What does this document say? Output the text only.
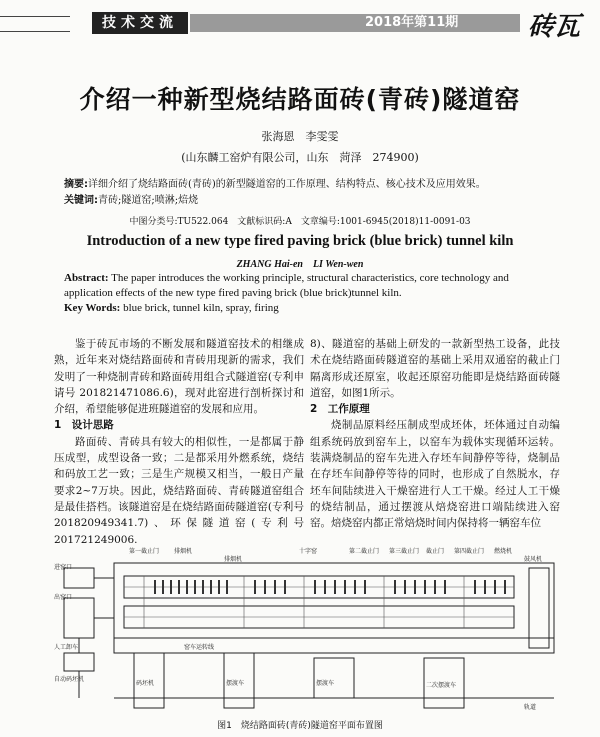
技术交流	2018年第11期	砖瓦
介绍一种新型烧结路面砖(青砖)隧道窑
张海恩　李雯雯
(山东麟工窑炉有限公司，山东　菏泽　274900)
摘要:详细介绍了烧结路面砖(青砖)的新型隧道窑的工作原理、结构特点、核心技术及应用效果。
关键词:青砖;隧道窑;喷淋;焙烧
中图分类号:TU522.064　文献标识码:A　文章编号:1001-6945(2018)11-0091-03
Introduction of a new type fired paving brick (blue brick) tunnel kiln
ZHANG Hai-en　LI Wen-wen
Abstract: The paper introduces the working principle, structural characteristics, core technology and application effects of the new type fired paving brick (blue brick)tunnel kiln.
Key Words: blue brick, tunnel kiln, spray, firing

鉴于砖瓦市场的不断发展和隧道窑技术的相继成熟，近年来对烧结路面砖和青砖用现新的需求，我们发明了一种烧制青砖和路面砖用组合式隧道窑(专利申请号 201821471086.6)，现对此窑进行剖析探讨和介绍，希望能够促进班隧道窑的发展和应用。

1　设计思路

路面砖、青砖具有较大的相似性，一是都属于静压成型，成型设备一致；二是都采用外燃系统，烧结和码放工艺一致；三是生产规模又相当，一般日产量要求2~7万块。因此，烧结路面砖、青砖隧道窑组合是最佳搭档。该隧道窑是在烧结路面砖隧道窑(专利号 201820949341.7)、环保隧道窑(专利号 201721249006.

8)、隧道窑的基础上研发的一款新型热工设备，此技术在烧结路面砖隧道窑的基础上采用双通窑的截止门隔离形成还原室，收起还原窑功能即是烧结路面砖隧道窑，如图1所示。

2　工作原理

烧制品原料经压制成型成坯体，坯体通过自动编组系统码放到窑车上，以窑车为载体实现循环运转。装满烧制品的窑车先进入存坯车间静停等待，烧制品在存坯车间静停等待的同时，也形成了自然脱水，存坯车间陆续进入干燥窑进行人工干燥。经过人工干燥的烧结制品，通过摆渡从焙烧窑进口端陆续进入窑窑。焙烧窑内都正常焙烧时间内保持将一辆窑车位

第一截止门 排烟机	十字窑	第二截止门 第三截止门 截止门 第四截止门 燃烧机
鼓风机
排烟机
进窑口
出窑口
人工卸车
自动码坯机
窑车运转线
码坯机	摆渡车	摆渡车	二次摆渡车
轨道
图1　烧结路面砖(青砖)隧道窑平面布置图
